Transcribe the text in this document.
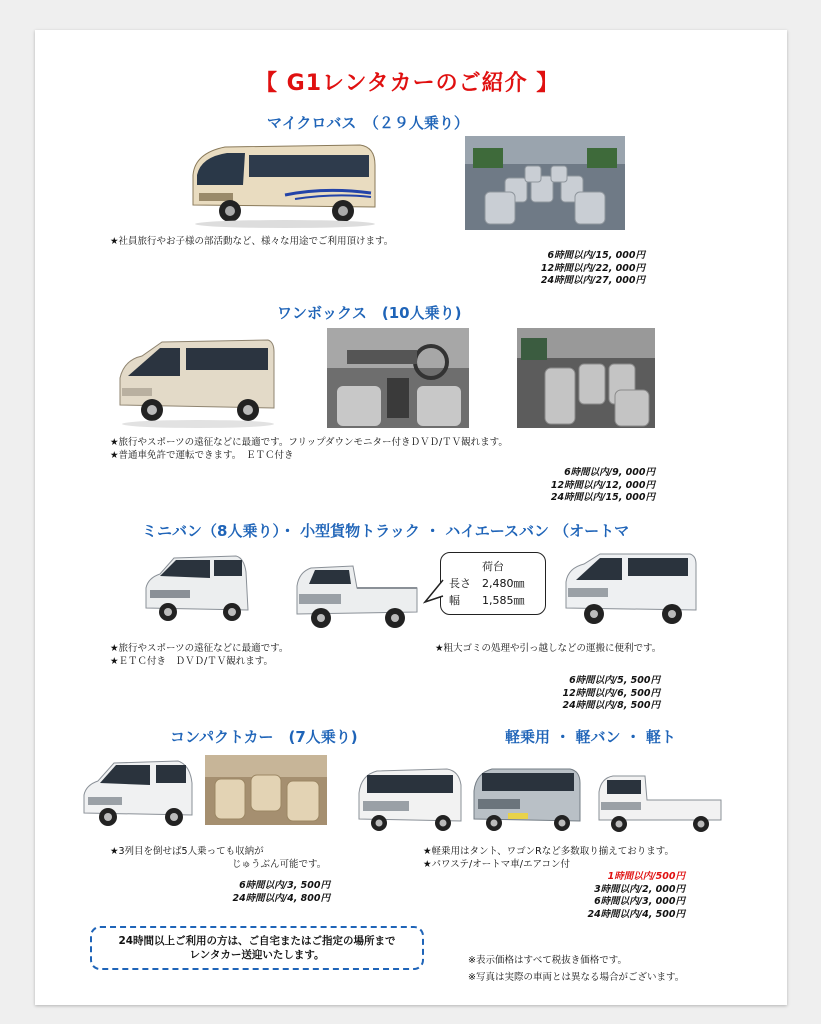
【 G1レンタカーのご紹介 】
マイクロバス　（２９人乗り）
★社員旅行やお子様の部活動など、様々な用途でご利用頂けます。
6時間以内/15, 000円
12時間以内/22, 000円
24時間以内/27, 000円
ワンボックス　(10人乗り)
★旅行やスポーツの遠征などに最適です。フリップダウンモニター付きＤＶＤ/ＴＶ観れます。
★普通車免許で運転できます。　ＥＴＣ付き
6時間以内/9, 000円
12時間以内/12, 000円
24時間以内/15, 000円
ミニバン（8人乗り）・ 小型貨物トラック ・ ハイエースバン （オートマ
荷台
長さ　2,480㎜
幅　　1,585㎜
★旅行やスポーツの遠征などに最適です。
★ＥＴＣ付き　ＤＶＤ/ＴＶ観れます。
★粗大ゴミの処理や引っ越しなどの運搬に便利です。
6時間以内/5, 500円
12時間以内/6, 500円
24時間以内/8, 500円
コンパクトカー　(7人乗り)
★3列目を倒せば5人乗っても収納が
じゅうぶん可能です。
6時間以内/3, 500円
24時間以内/4, 800円
軽乗用 ・ 軽バン ・ 軽ト
★軽乗用はタント、ワゴンRなど多数取り揃えております。
★パワステ/オートマ車/エアコン付
1時間以内/500円
3時間以内/2, 000円
6時間以内/3, 000円
24時間以内/4, 500円
24時間以上ご利用の方は、ご自宅またはご指定の場所まで
レンタカー送迎いたします。	※表示価格はすべて税抜き価格です。
※写真は実際の車両とは異なる場合がございます。
